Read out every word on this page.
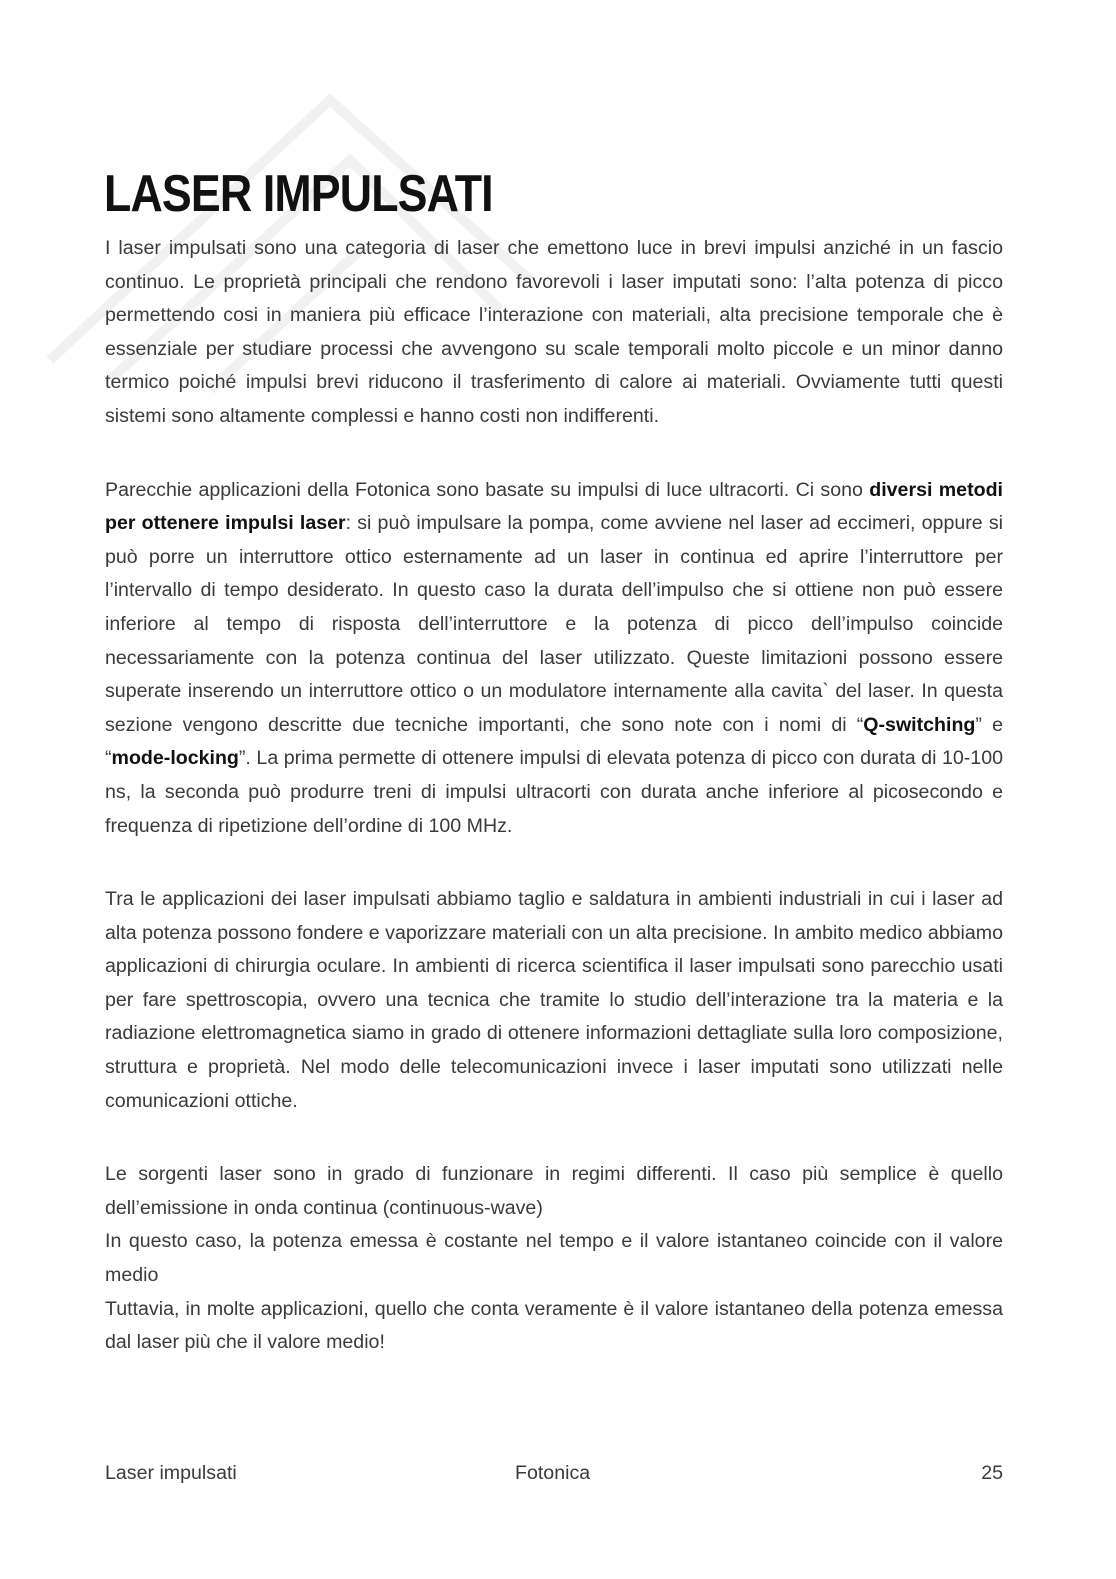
LASER IMPULSATI

I laser impulsati sono una categoria di laser che emettono luce in brevi impulsi anziché in un fascio continuo. Le proprietà principali che rendono favorevoli i laser imputati sono: l’alta potenza di picco permettendo cosi in maniera più efficace l’interazione con materiali, alta precisione temporale che è essenziale per studiare processi che avvengono su scale temporali molto piccole e un minor danno termico poiché impulsi brevi riducono il trasferimento di calore ai materiali. Ovviamente tutti questi sistemi sono altamente complessi e hanno costi non indifferenti.

Parecchie applicazioni della Fotonica sono basate su impulsi di luce ultracorti. Ci sono diversi metodi per ottenere impulsi laser: si può impulsare la pompa, come avviene nel laser ad eccimeri, oppure si può porre un interruttore ottico esternamente ad un laser in continua ed aprire l’interruttore per l’intervallo di tempo desiderato. In questo caso la durata dell’impulso che si ottiene non può essere inferiore al tempo di risposta dell’interruttore e la potenza di picco dell’impulso coincide necessariamente con la potenza continua del laser utilizzato. Queste limitazioni possono essere superate inserendo un interruttore ottico o un modulatore internamente alla cavita` del laser. In questa sezione vengono descritte due tecniche importanti, che sono note con i nomi di “Q-switching” e “mode-locking”. La prima permette di ottenere impulsi di elevata potenza di picco con durata di 10-100 ns, la seconda può produrre treni di impulsi ultracorti con durata anche inferiore al picosecondo e frequenza di ripetizione dell’ordine di 100 MHz.

Tra le applicazioni dei laser impulsati abbiamo taglio e saldatura in ambienti industriali in cui i laser ad alta potenza possono fondere e vaporizzare materiali con un alta precisione. In ambito medico abbiamo applicazioni di chirurgia oculare. In ambienti di ricerca scientifica il laser impulsati sono parecchio usati per fare spettroscopia, ovvero una tecnica che tramite lo studio dell’interazione tra la materia e la radiazione elettromagnetica siamo in grado di ottenere informazioni dettagliate sulla loro composizione, struttura e proprietà. Nel modo delle telecomunicazioni invece i laser imputati sono utilizzati nelle comunicazioni ottiche.

Le sorgenti laser sono in grado di funzionare in regimi differenti. Il caso più semplice è quello dell’emissione in onda continua (continuous-wave)

In questo caso, la potenza emessa è costante nel tempo e il valore istantaneo coincide con il valore medio

Tuttavia, in molte applicazioni, quello che conta veramente è il valore istantaneo della potenza emessa dal laser più che il valore medio!

Laser impulsati	Fotonica	25
